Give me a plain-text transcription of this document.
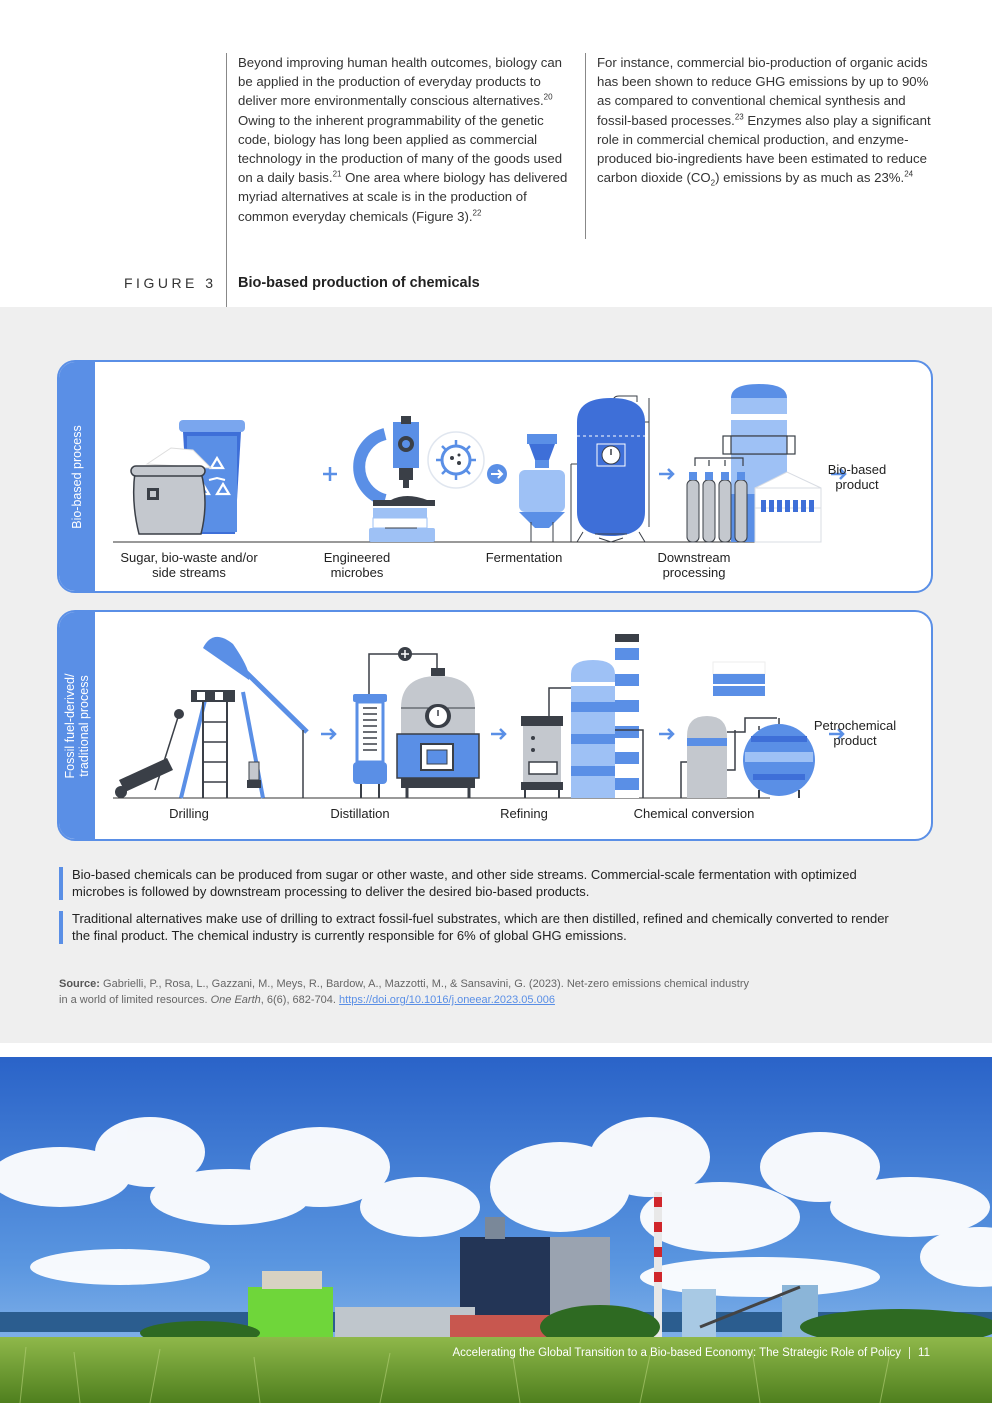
Beyond improving human health outcomes, biology can be applied in the production of everyday products to deliver more environmentally conscious alternatives.$^{20}$ Owing to the inherent programmability of the genetic code, biology has long been applied as commercial technology in the production of many of the goods used on a daily basis.$^{21}$ One area where biology has delivered myriad alternatives at scale is in the production of common everyday chemicals (Figure 3).$^{22}$
For instance, commercial bio-production of organic acids has been shown to reduce GHG emissions by up to 90% as compared to conventional chemical synthesis and fossil-based processes.$^{23}$ Enzymes also play a significant role in commercial chemical production, and enzyme-produced bio-ingredients have been estimated to reduce carbon dioxide $(CO_2)$ emissions by as much as 23%.$^{24}$
FIGURE 3 Bio-based production of chemicals
Bio-based process
Sugar, bio-waste and/or side streams
Engineered microbes
Fermentation	Downstream processing
Bio-based product
Fossil fuel-derived/
traditional process
Drilling	Distillation	Refining	Chemical conversion
Petrochemical product
Bio-based chemicals can be produced from sugar or other waste, and other side streams. Commercial-scale fermentation with optimized microbes is followed by downstream processing to deliver the desired bio-based products.
Traditional alternatives make use of drilling to extract fossil-fuel substrates, which are then distilled, refined and chemically converted to render the final product. The chemical industry is currently responsible for 6% of global GHG emissions.
Source: Gabrielli, P., Rosa, L., Gazzani, M., Meys, R., Bardow, A., Mazzotti, M., & Sansavini, G. (2023). Net-zero emissions chemical industry in a world of limited resources. One Earth, 6(6), 682-704. https://doi.org/10.1016/j.oneear.2023.05.006
Accelerating the Global Transition to a Bio-based Economy: The Strategic Role of Policy 11
